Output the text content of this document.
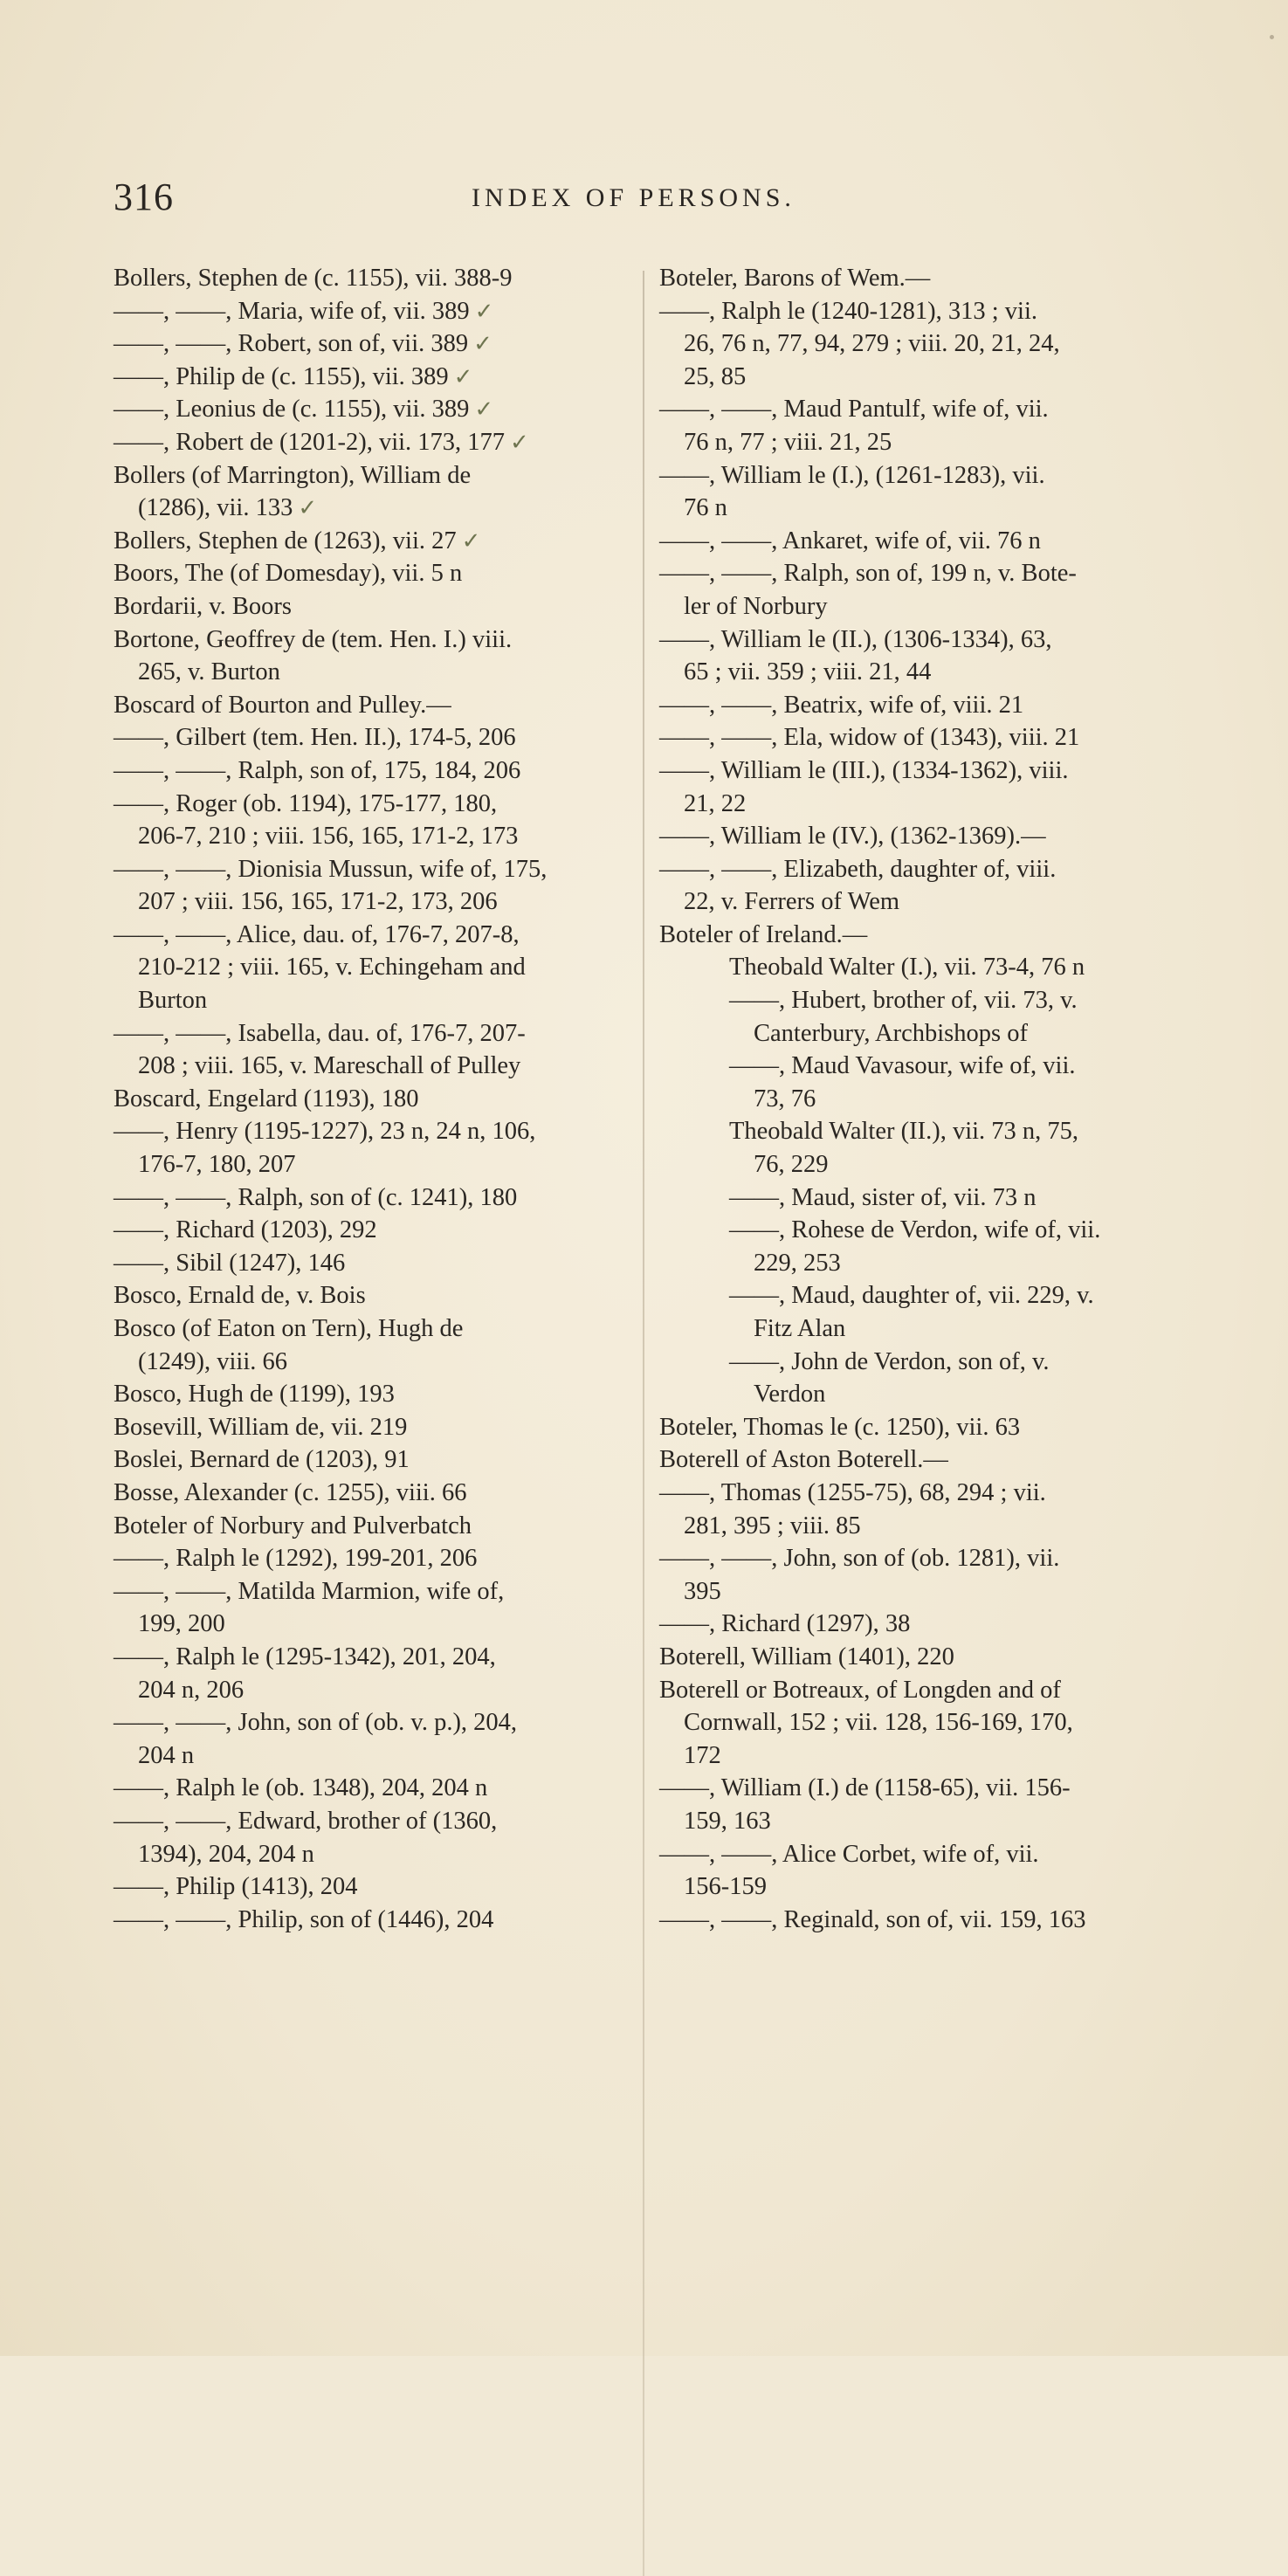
316	INDEX OF PERSONS.
Bollers, Stephen de (c. 1155), vii. 388-9
——, ——, Maria, wife of, vii. 389 ✓
——, ——, Robert, son of, vii. 389 ✓
——, Philip de (c. 1155), vii. 389 ✓
——, Leonius de (c. 1155), vii. 389 ✓
——, Robert de (1201-2), vii. 173, 177 ✓
Bollers (of Marrington), William de
(1286), vii. 133 ✓
Bollers, Stephen de (1263), vii. 27 ✓
Boors, The (of Domesday), vii. 5 n
Bordarii, v. Boors
Bortone, Geoffrey de (tem. Hen. I.) viii.
265, v. Burton
Boscard of Bourton and Pulley.—
——, Gilbert (tem. Hen. II.), 174-5, 206
——, ——, Ralph, son of, 175, 184, 206
——, Roger (ob. 1194), 175-177, 180,
206-7, 210 ; viii. 156, 165, 171-2, 173
——, ——, Dionisia Mussun, wife of, 175,
207 ; viii. 156, 165, 171-2, 173, 206
——, ——, Alice, dau. of, 176-7, 207-8,
210-212 ; viii. 165, v. Echingeham and
Burton
——, ——, Isabella, dau. of, 176-7, 207-
208 ; viii. 165, v. Mareschall of Pulley
Boscard, Engelard (1193), 180
——, Henry (1195-1227), 23 n, 24 n, 106,
176-7, 180, 207
——, ——, Ralph, son of (c. 1241), 180
——, Richard (1203), 292
——, Sibil (1247), 146
Bosco, Ernald de, v. Bois
Bosco (of Eaton on Tern), Hugh de
(1249), viii. 66
Bosco, Hugh de (1199), 193
Bosevill, William de, vii. 219
Boslei, Bernard de (1203), 91
Bosse, Alexander (c. 1255), viii. 66
Boteler of Norbury and Pulverbatch
——, Ralph le (1292), 199-201, 206
——, ——, Matilda Marmion, wife of,
199, 200
——, Ralph le (1295-1342), 201, 204,
204 n, 206
——, ——, John, son of (ob. v. p.), 204,
204 n
——, Ralph le (ob. 1348), 204, 204 n
——, ——, Edward, brother of (1360,
1394), 204, 204 n
——, Philip (1413), 204
——, ——, Philip, son of (1446), 204
Boteler, Barons of Wem.—
——, Ralph le (1240-1281), 313 ; vii.
26, 76 n, 77, 94, 279 ; viii. 20, 21, 24,
25, 85
——, ——, Maud Pantulf, wife of, vii.
76 n, 77 ; viii. 21, 25
——, William le (I.), (1261-1283), vii.
76 n
——, ——, Ankaret, wife of, vii. 76 n
——, ——, Ralph, son of, 199 n, v. Bote-
ler of Norbury
——, William le (II.), (1306-1334), 63,
65 ; vii. 359 ; viii. 21, 44
——, ——, Beatrix, wife of, viii. 21
——, ——, Ela, widow of (1343), viii. 21
——, William le (III.), (1334-1362), viii.
21, 22
——, William le (IV.), (1362-1369).—
——, ——, Elizabeth, daughter of, viii.
22, v. Ferrers of Wem
Boteler of Ireland.—
Theobald Walter (I.), vii. 73-4, 76 n
——, Hubert, brother of, vii. 73, v.
Canterbury, Archbishops of
——, Maud Vavasour, wife of, vii.
73, 76
Theobald Walter (II.), vii. 73 n, 75,
76, 229
——, Maud, sister of, vii. 73 n
——, Rohese de Verdon, wife of, vii.
229, 253
——, Maud, daughter of, vii. 229, v.
Fitz Alan
——, John de Verdon, son of, v.
Verdon
Boteler, Thomas le (c. 1250), vii. 63
Boterell of Aston Boterell.—
——, Thomas (1255-75), 68, 294 ; vii.
281, 395 ; viii. 85
——, ——, John, son of (ob. 1281), vii.
395
——, Richard (1297), 38
Boterell, William (1401), 220
Boterell or Botreaux, of Longden and of
Cornwall, 152 ; vii. 128, 156-169, 170,
172
——, William (I.) de (1158-65), vii. 156-
159, 163
——, ——, Alice Corbet, wife of, vii.
156-159
——, ——, Reginald, son of, vii. 159, 163
